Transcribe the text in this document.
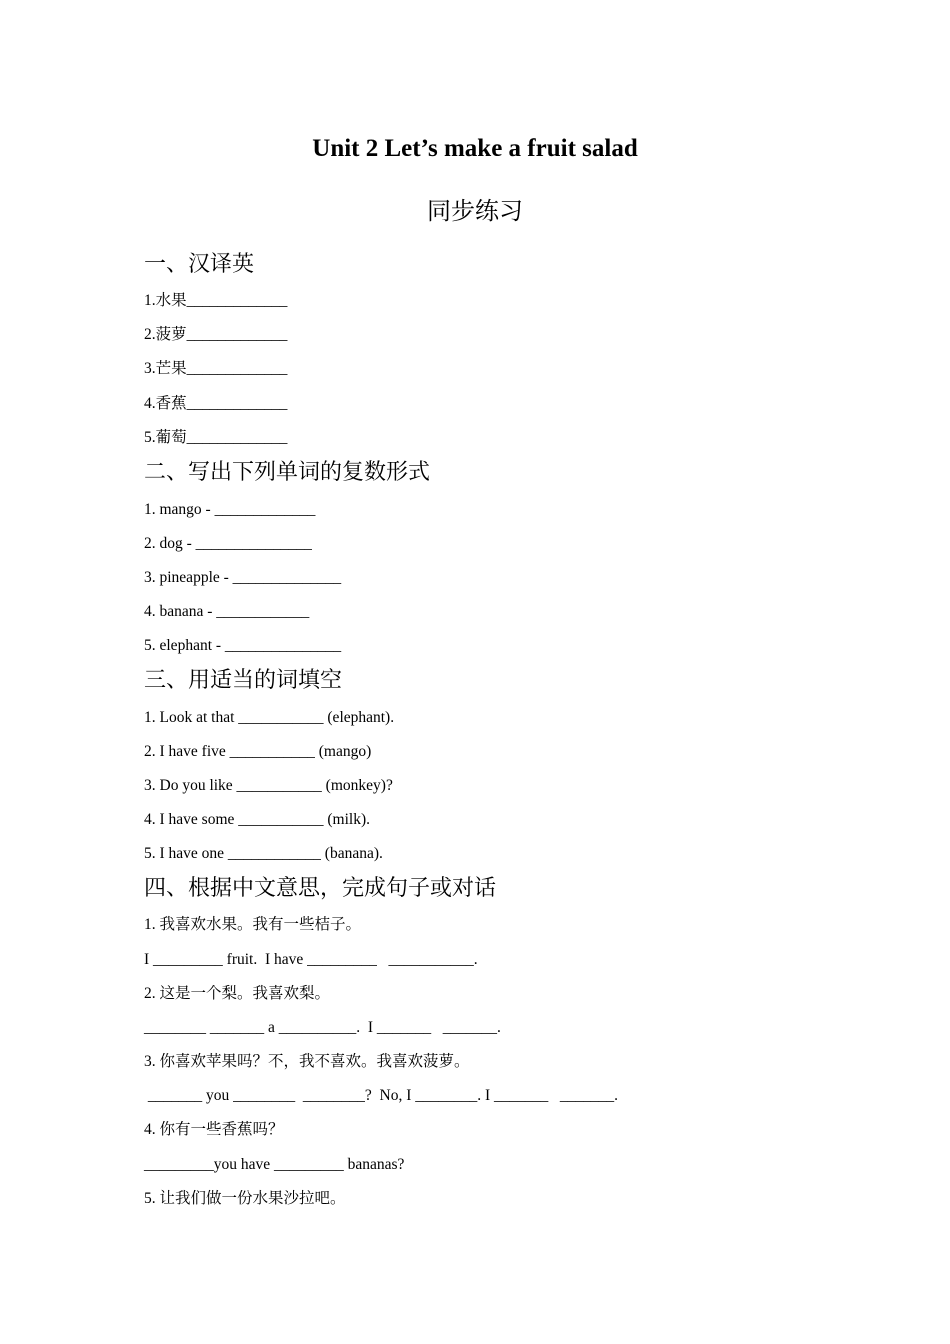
Unit 2 Let’s make a fruit salad
同步练习
一、汉译英
1.水果_____________
2.菠萝_____________
3.芒果_____________
4.香蕉_____________
5.葡萄_____________
二、写出下列单词的复数形式
1. mango - _____________
2. dog - _______________
3. pineapple - ______________
4. banana - ____________
5. elephant - _______________
三、用适当的词填空
1. Look at that ___________ (elephant).
2. I have five ___________ (mango)
3. Do you like ___________ (monkey)?
4. I have some ___________ (milk).
5. I have one ____________ (banana).
四、根据中文意思，完成句子或对话
1. 我喜欢水果。我有一些桔子。
I _________ fruit.  I have _________   ___________.
2. 这是一个梨。我喜欢梨。
________ _______ a __________.  I _______   _______.
3. 你喜欢苹果吗？不，我不喜欢。我喜欢菠萝。
_______ you ________  ________?  No, I ________. I _______   _______.
4. 你有一些香蕉吗？
_________you have _________ bananas?
5. 让我们做一份水果沙拉吧。
